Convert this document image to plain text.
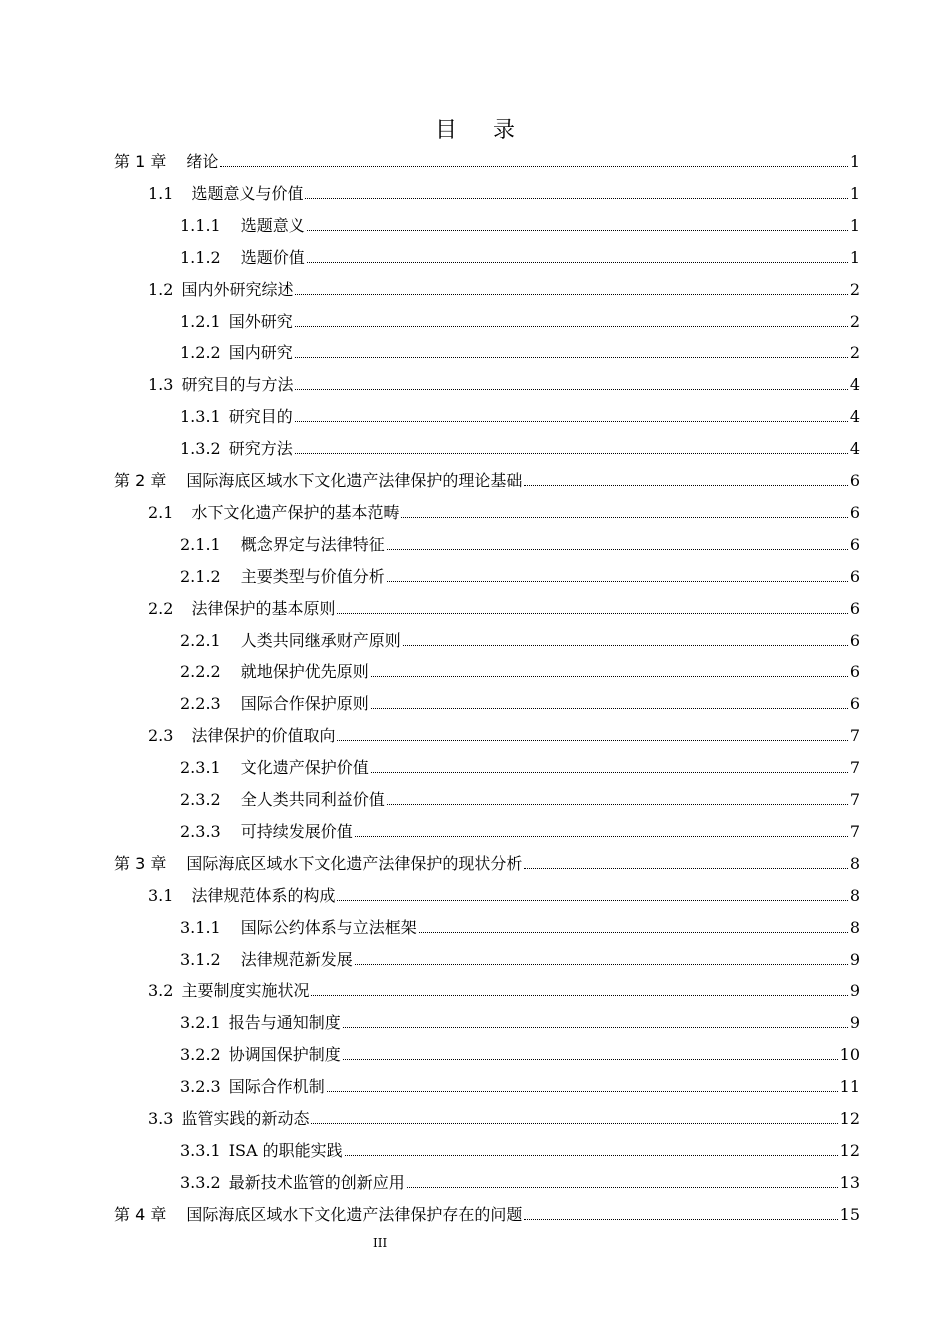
目录
第 1 章 绪论	1
1.1 选题意义与价值	1
1.1.1 选题意义	1
1.1.2 选题价值	1
1.2 国内外研究综述	2
1.2.1 国外研究	2
1.2.2 国内研究	2
1.3 研究目的与方法	4
1.3.1 研究目的	4
1.3.2 研究方法	4
第 2 章 国际海底区域水下文化遗产法律保护的理论基础	6
2.1 水下文化遗产保护的基本范畴	6
2.1.1 概念界定与法律特征	6
2.1.2 主要类型与价值分析	6
2.2 法律保护的基本原则	6
2.2.1 人类共同继承财产原则	6
2.2.2 就地保护优先原则	6
2.2.3 国际合作保护原则	6
2.3 法律保护的价值取向	7
2.3.1 文化遗产保护价值	7
2.3.2 全人类共同利益价值	7
2.3.3 可持续发展价值	7
第 3 章 国际海底区域水下文化遗产法律保护的现状分析	8
3.1 法律规范体系的构成	8
3.1.1 国际公约体系与立法框架	8
3.1.2 法律规范新发展	9
3.2 主要制度实施状况	9
3.2.1 报告与通知制度	9
3.2.2 协调国保护制度	10
3.2.3 国际合作机制	11
3.3 监管实践的新动态	12
3.3.1 ISA 的职能实践	12
3.3.2 最新技术监管的创新应用	13
第 4 章 国际海底区域水下文化遗产法律保护存在的问题	15
III
